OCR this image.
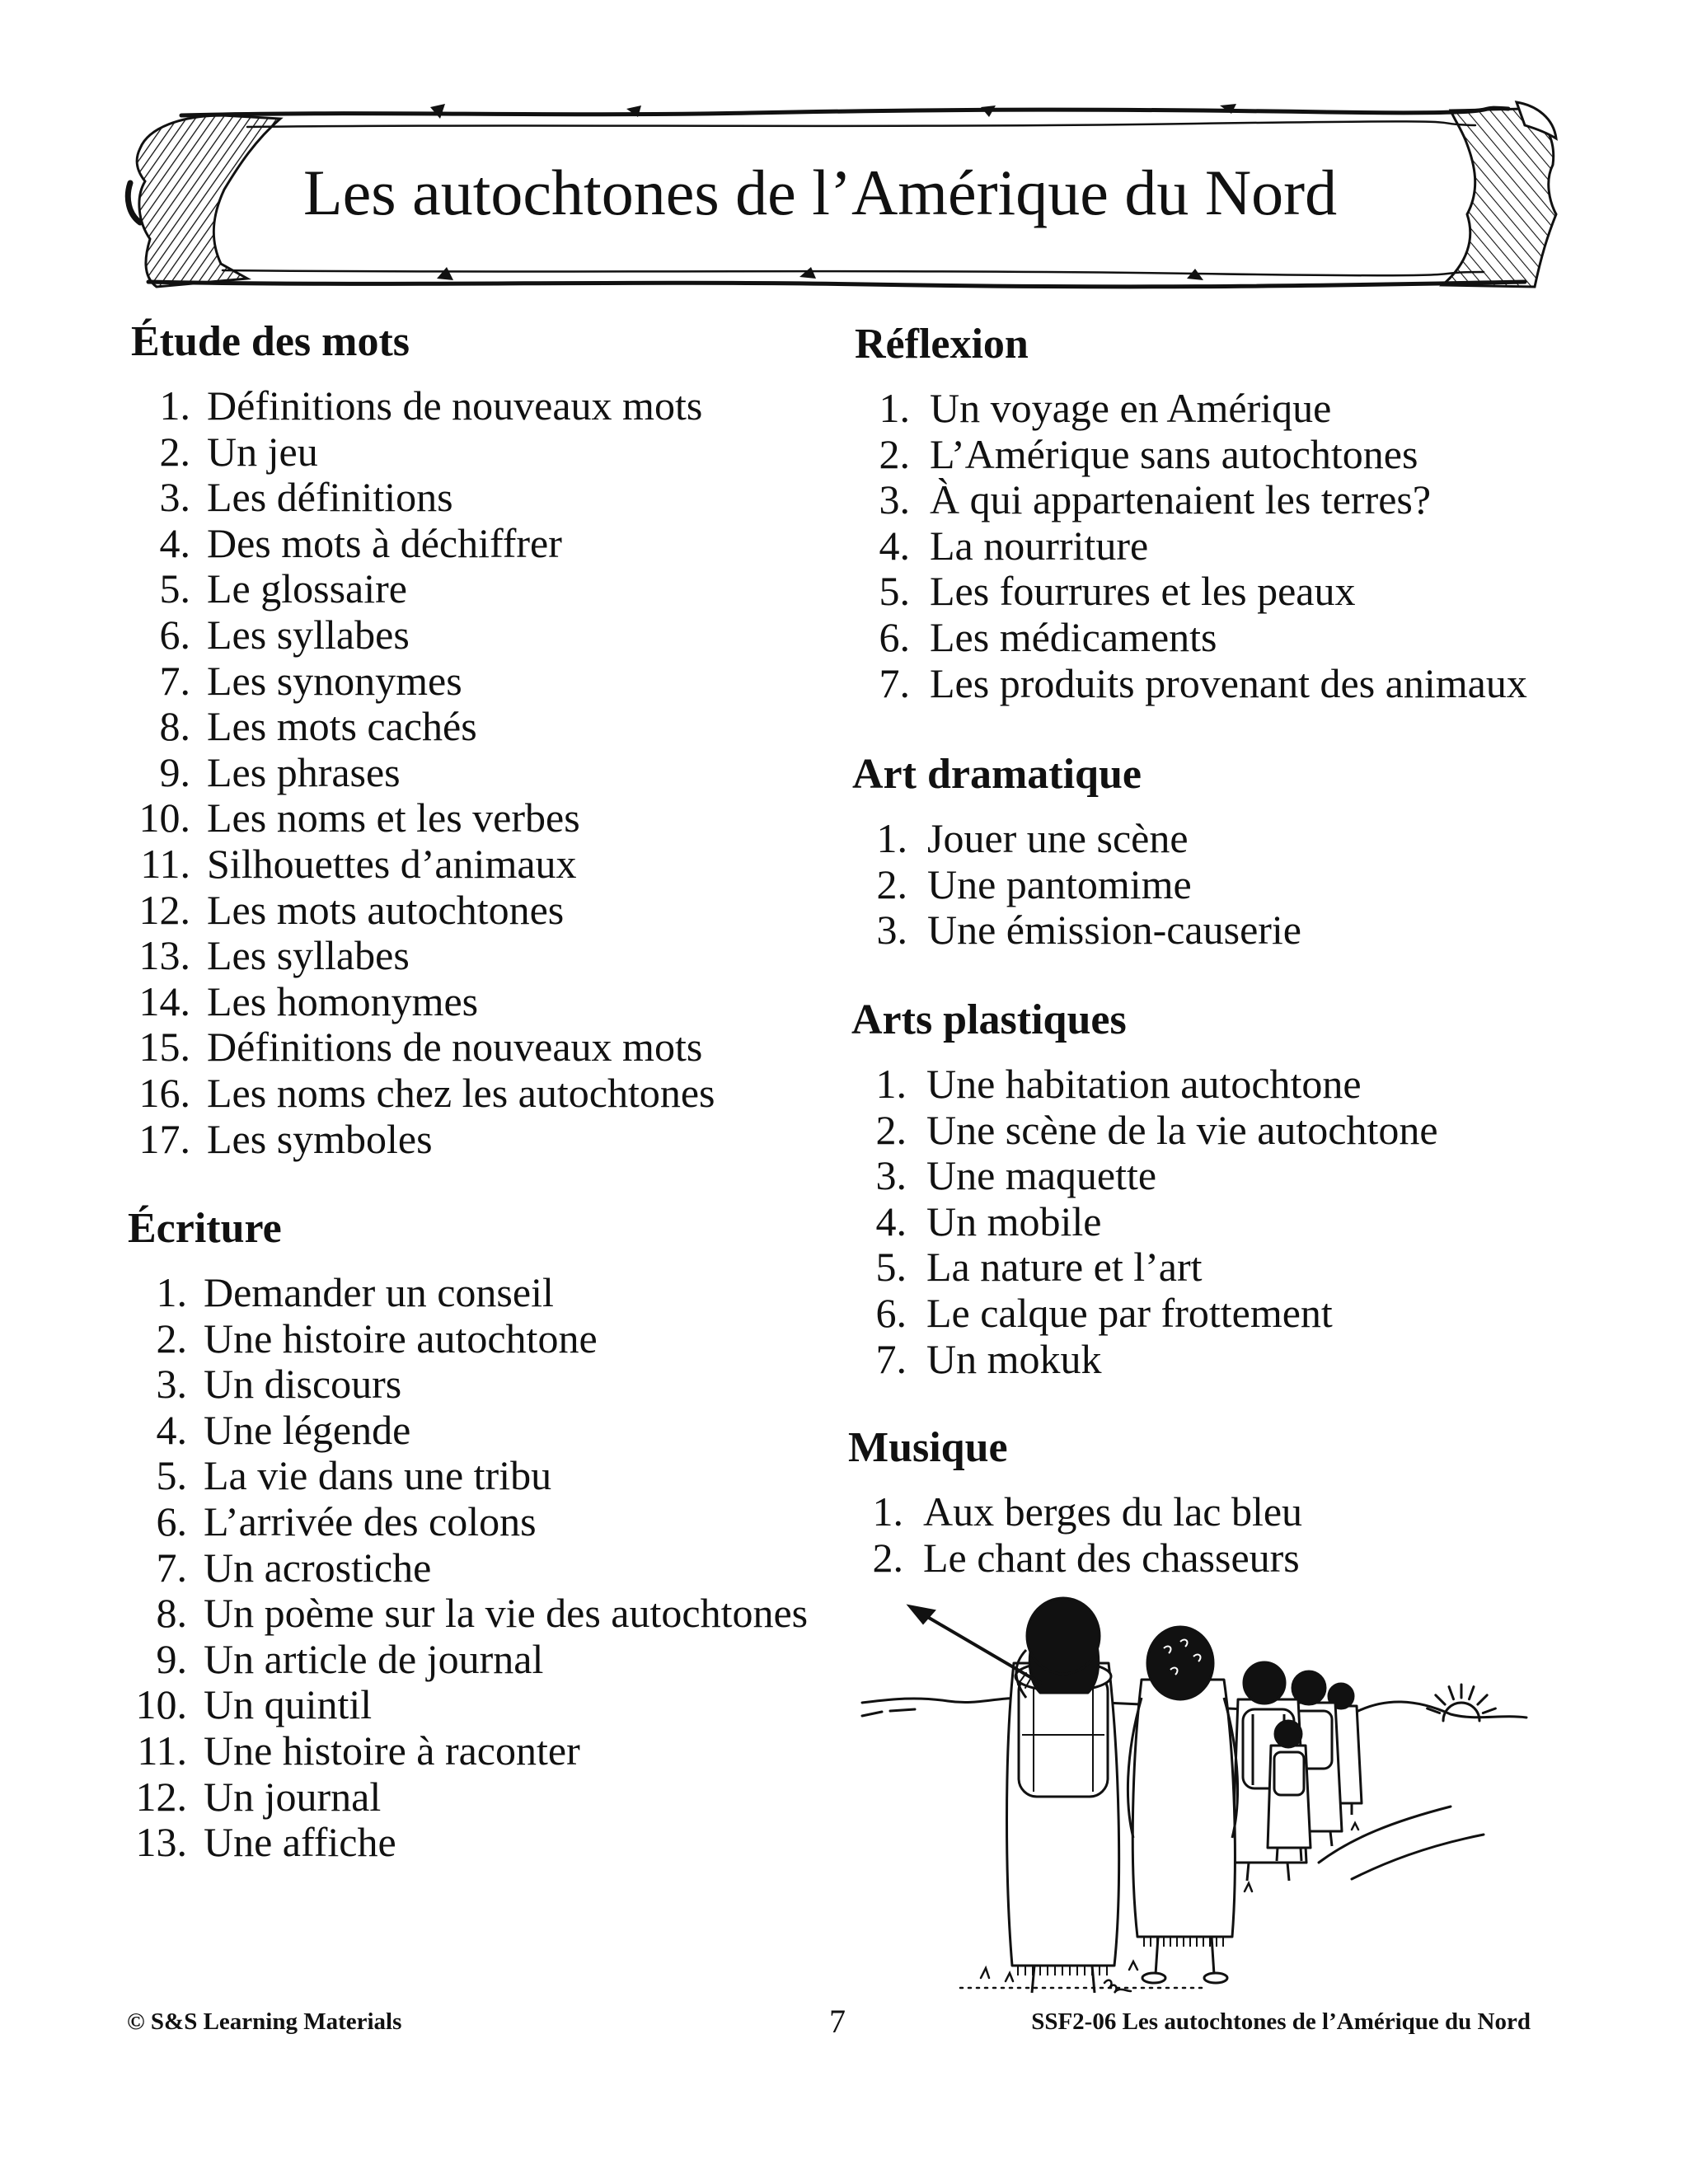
Les autochtones de l’Amérique du Nord
Étude des mots
1. Définitions de nouveaux mots
2. Un jeu
3. Les définitions
4. Des mots à déchiffrer
5. Le glossaire
6. Les syllabes
7. Les synonymes
8. Les mots cachés
9. Les phrases
10. Les noms et les verbes
11. Silhouettes d’animaux
12. Les mots autochtones
13. Les syllabes
14. Les homonymes
15. Définitions de nouveaux mots
16. Les noms chez les autochtones
17. Les symboles
Écriture
1. Demander un conseil
2. Une histoire autochtone
3. Un discours
4. Une légende
5. La vie dans une tribu
6. L’arrivée des colons
7. Un acrostiche
8. Un poème sur la vie des autochtones
9. Un article de journal
10. Un quintil
11. Une histoire à raconter
12. Un journal
13. Une affiche
Réflexion
1. Un voyage en Amérique
2. L’Amérique sans autochtones
3. À qui appartenaient les terres?
4. La nourriture
5. Les fourrures et les peaux
6. Les médicaments
7. Les produits provenant des animaux
Art dramatique
1. Jouer une scène
2. Une pantomime
3. Une émission-causerie
Arts plastiques
1. Une habitation autochtone
2. Une scène de la vie autochtone
3. Une maquette
4. Un mobile
5. La nature et l’art
6. Le calque par frottement
7. Un mokuk
Musique
1. Aux berges du lac bleu
2. Le chant des chasseurs
© S&S Learning Materials	7	SSF2-06 Les autochtones de l’Amérique du Nord
